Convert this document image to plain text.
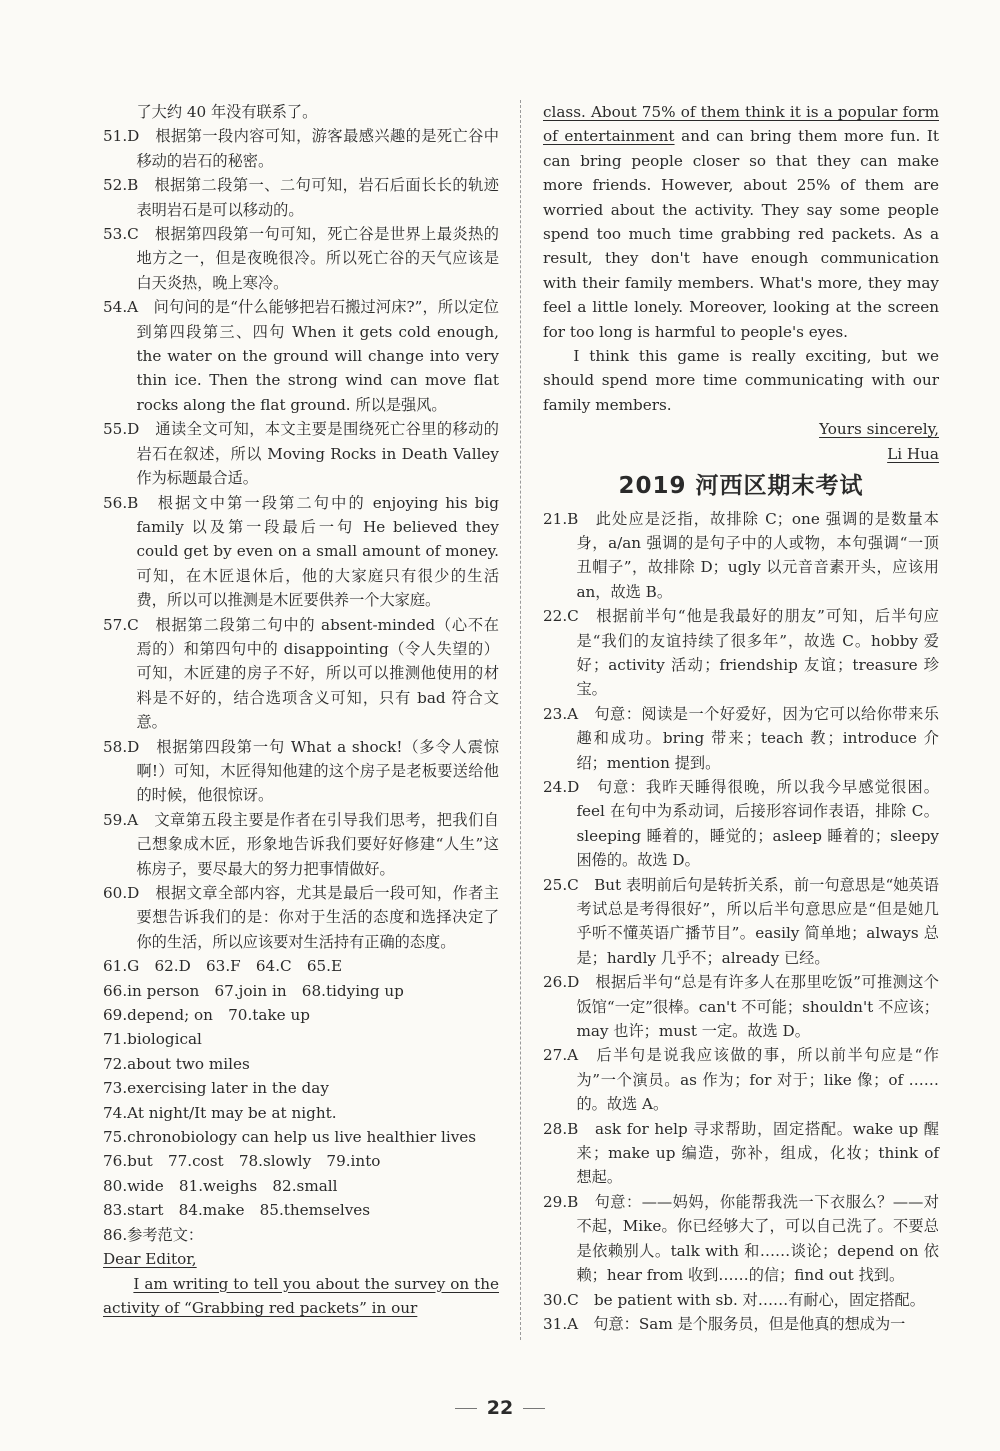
了大约 40 年没有联系了。

51.D　根据第一段内容可知，游客最感兴趣的是死亡谷中移动的岩石的秘密。

52.B　根据第二段第一、二句可知，岩石后面长长的轨迹表明岩石是可以移动的。

53.C　根据第四段第一句可知，死亡谷是世界上最炎热的地方之一，但是夜晚很冷。所以死亡谷的天气应该是白天炎热，晚上寒冷。

54.A　问句问的是“什么能够把岩石搬过河床?”，所以定位到第四段第三、四句 When it gets cold enough, the water on the ground will change into very thin ice. Then the strong wind can move flat rocks along the flat ground. 所以是强风。

55.D　通读全文可知，本文主要是围绕死亡谷里的移动的岩石在叙述，所以 Moving Rocks in Death Valley 作为标题最合适。

56.B　根据文中第一段第二句中的 enjoying his big family 以及第一段最后一句 He believed they could get by even on a small amount of money. 可知，在木匠退休后，他的大家庭只有很少的生活费，所以可以推测是木匠要供养一个大家庭。

57.C　根据第二段第二句中的 absent-minded（心不在焉的）和第四句中的 disappointing（令人失望的）可知，木匠建的房子不好，所以可以推测他使用的材料是不好的，结合选项含义可知，只有 bad 符合文意。

58.D　根据第四段第一句 What a shock!（多令人震惊啊!）可知，木匠得知他建的这个房子是老板要送给他的时候，他很惊讶。

59.A　文章第五段主要是作者在引导我们思考，把我们自己想象成木匠，形象地告诉我们要好好修建“人生”这栋房子，要尽最大的努力把事情做好。

60.D　根据文章全部内容，尤其是最后一段可知，作者主要想告诉我们的是：你对于生活的态度和选择决定了你的生活，所以应该要对生活持有正确的态度。

61.G　62.D　63.F　64.C　65.E

66.in person　67.join in　68.tidying up

69.depend; on　70.take up

71.biological

72.about two miles

73.exercising later in the day

74.At night/It may be at night.

75.chronobiology can help us live healthier lives

76.but　77.cost　78.slowly　79.into

80.wide　81.weighs　82.small

83.start　84.make　85.themselves

86.参考范文：

Dear Editor,

I am writing to tell you about the survey on the activity of “Grabbing red packets” in our

class. About 75% of them think it is a popular form of entertainment and can bring them more fun. It can bring people closer so that they can make more friends. However, about 25% of them are worried about the activity. They say some people spend too much time grabbing red packets. As a result, they don't have enough communication with their family members. What's more, they may feel a little lonely. Moreover, looking at the screen for too long is harmful to people's eyes.

I think this game is really exciting, but we should spend more time communicating with our family members.

Yours sincerely,

Li Hua

2019 河西区期末考试

21.B　此处应是泛指，故排除 C；one 强调的是数量本身，a/an 强调的是句子中的人或物，本句强调“一顶丑帽子”，故排除 D；ugly 以元音音素开头，应该用 an，故选 B。

22.C　根据前半句“他是我最好的朋友”可知，后半句应是“我们的友谊持续了很多年”，故选 C。hobby 爱好；activity 活动；friendship 友谊；treasure 珍宝。

23.A　句意：阅读是一个好爱好，因为它可以给你带来乐趣和成功。bring 带来；teach 教；introduce 介绍；mention 提到。

24.D　句意：我昨天睡得很晚，所以我今早感觉很困。feel 在句中为系动词，后接形容词作表语，排除 C。sleeping 睡着的，睡觉的；asleep 睡着的；sleepy 困倦的。故选 D。

25.C　But 表明前后句是转折关系，前一句意思是“她英语考试总是考得很好”，所以后半句意思应是“但是她几乎听不懂英语广播节目”。easily 简单地；always 总是；hardly 几乎不；already 已经。

26.D　根据后半句“总是有许多人在那里吃饭”可推测这个饭馆“一定”很棒。can't 不可能；shouldn't 不应该；may 也许；must 一定。故选 D。

27.A　后半句是说我应该做的事，所以前半句应是“作为”一个演员。as 作为；for 对于；like 像；of ……的。故选 A。

28.B　ask for help 寻求帮助，固定搭配。wake up 醒来；make up 编造，弥补，组成，化妆；think of 想起。

29.B　句意：——妈妈，你能帮我洗一下衣服么？——对不起，Mike。你已经够大了，可以自己洗了。不要总是依赖别人。talk with 和……谈论；depend on 依赖；hear from 收到……的信；find out 找到。

30.C　be patient with sb. 对……有耐心，固定搭配。

31.A　句意：Sam 是个服务员，但是他真的想成为一

22
